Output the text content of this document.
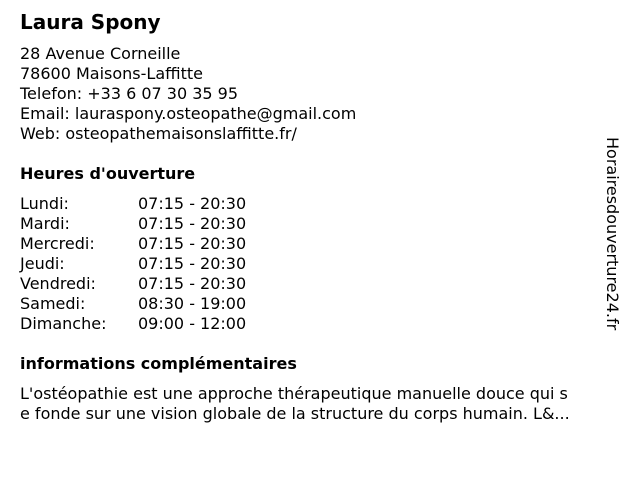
Laura Spony
28 Avenue Corneille
78600 Maisons-Laffitte
Telefon: +33 6 07 30 35 95
Email: lauraspony.osteopathe@gmail.com
Web: osteopathemaisonslaffitte.fr/
Heures d'ouverture
Lundi:	07:15 - 20:30
Mardi:	07:15 - 20:30
Mercredi:	07:15 - 20:30
Jeudi:	07:15 - 20:30
Vendredi:	07:15 - 20:30
Samedi:	08:30 - 19:00
Dimanche:	09:00 - 12:00
informations complémentaires
L'ostéopathie est une approche thérapeutique manuelle douce qui s
e fonde sur une vision globale de la structure du corps humain. L&...
Horairesdouverture24.fr
